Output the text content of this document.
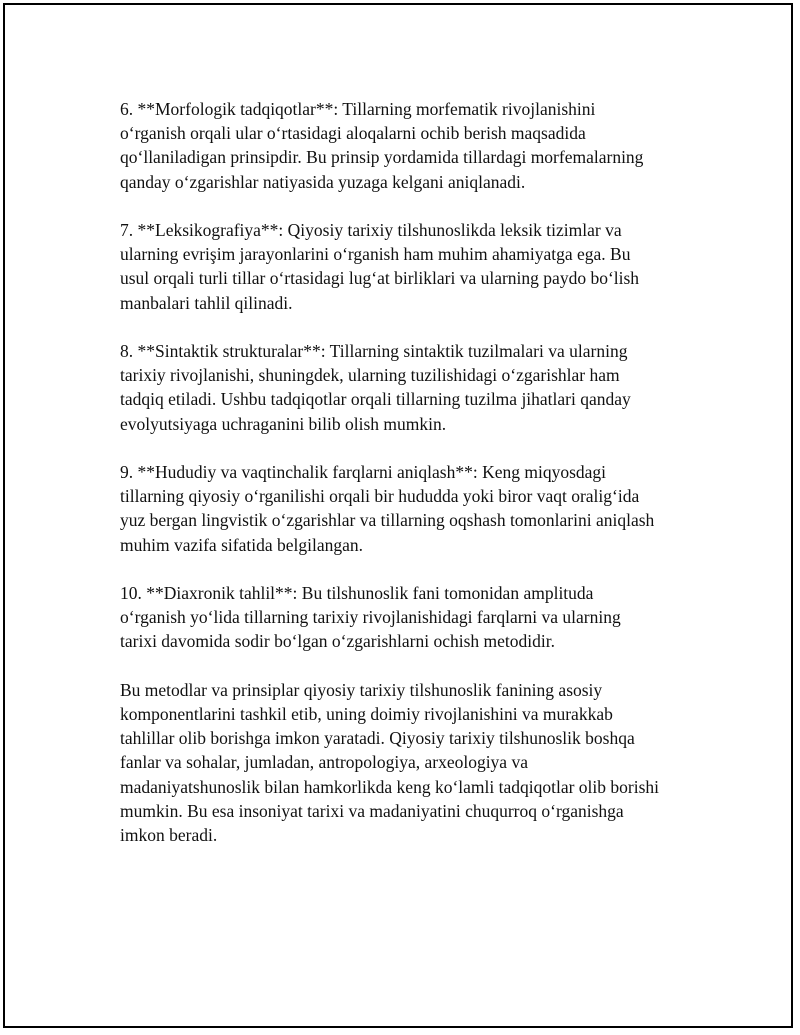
6. **Morfologik tadqiqotlar**: Tillarning morfematik rivojlanishini
o‘rganish orqali ular o‘rtasidagi aloqalarni ochib berish maqsadida
qo‘llaniladigan prinsipdir. Bu prinsip yordamida tillardagi morfemalarning
qanday o‘zgarishlar natiyasida yuzaga kelgani aniqlanadi.

7. **Leksikografiya**: Qiyosiy tarixiy tilshunoslikda leksik tizimlar va
ularning evrişim jarayonlarini o‘rganish ham muhim ahamiyatga ega. Bu
usul orqali turli tillar o‘rtasidagi lug‘at birliklari va ularning paydo bo‘lish
manbalari tahlil qilinadi.

8. **Sintaktik strukturalar**: Tillarning sintaktik tuzilmalari va ularning
tarixiy rivojlanishi, shuningdek, ularning tuzilishidagi o‘zgarishlar ham
tadqiq etiladi. Ushbu tadqiqotlar orqali tillarning tuzilma jihatlari qanday
evolyutsiyaga uchraganini bilib olish mumkin.

9. **Hududiy va vaqtinchalik farqlarni aniqlash**: Keng miqyosdagi
tillarning qiyosiy o‘rganilishi orqali bir hududda yoki biror vaqt oralig‘ida
yuz bergan lingvistik o‘zgarishlar va tillarning oqshash tomonlarini aniqlash
muhim vazifa sifatida belgilangan.

10. **Diaxronik tahlil**: Bu tilshunoslik fani tomonidan amplituda
o‘rganish yo‘lida tillarning tarixiy rivojlanishidagi farqlarni va ularning
tarixi davomida sodir bo‘lgan o‘zgarishlarni ochish metodidir.

Bu metodlar va prinsiplar qiyosiy tarixiy tilshunoslik fanining asosiy
komponentlarini tashkil etib, uning doimiy rivojlanishini va murakkab
tahlillar olib borishga imkon yaratadi. Qiyosiy tarixiy tilshunoslik boshqa
fanlar va sohalar, jumladan, antropologiya, arxeologiya va
madaniyatshunoslik bilan hamkorlikda keng ko‘lamli tadqiqotlar olib borishi
mumkin. Bu esa insoniyat tarixi va madaniyatini chuqurroq o‘rganishga
imkon beradi.
